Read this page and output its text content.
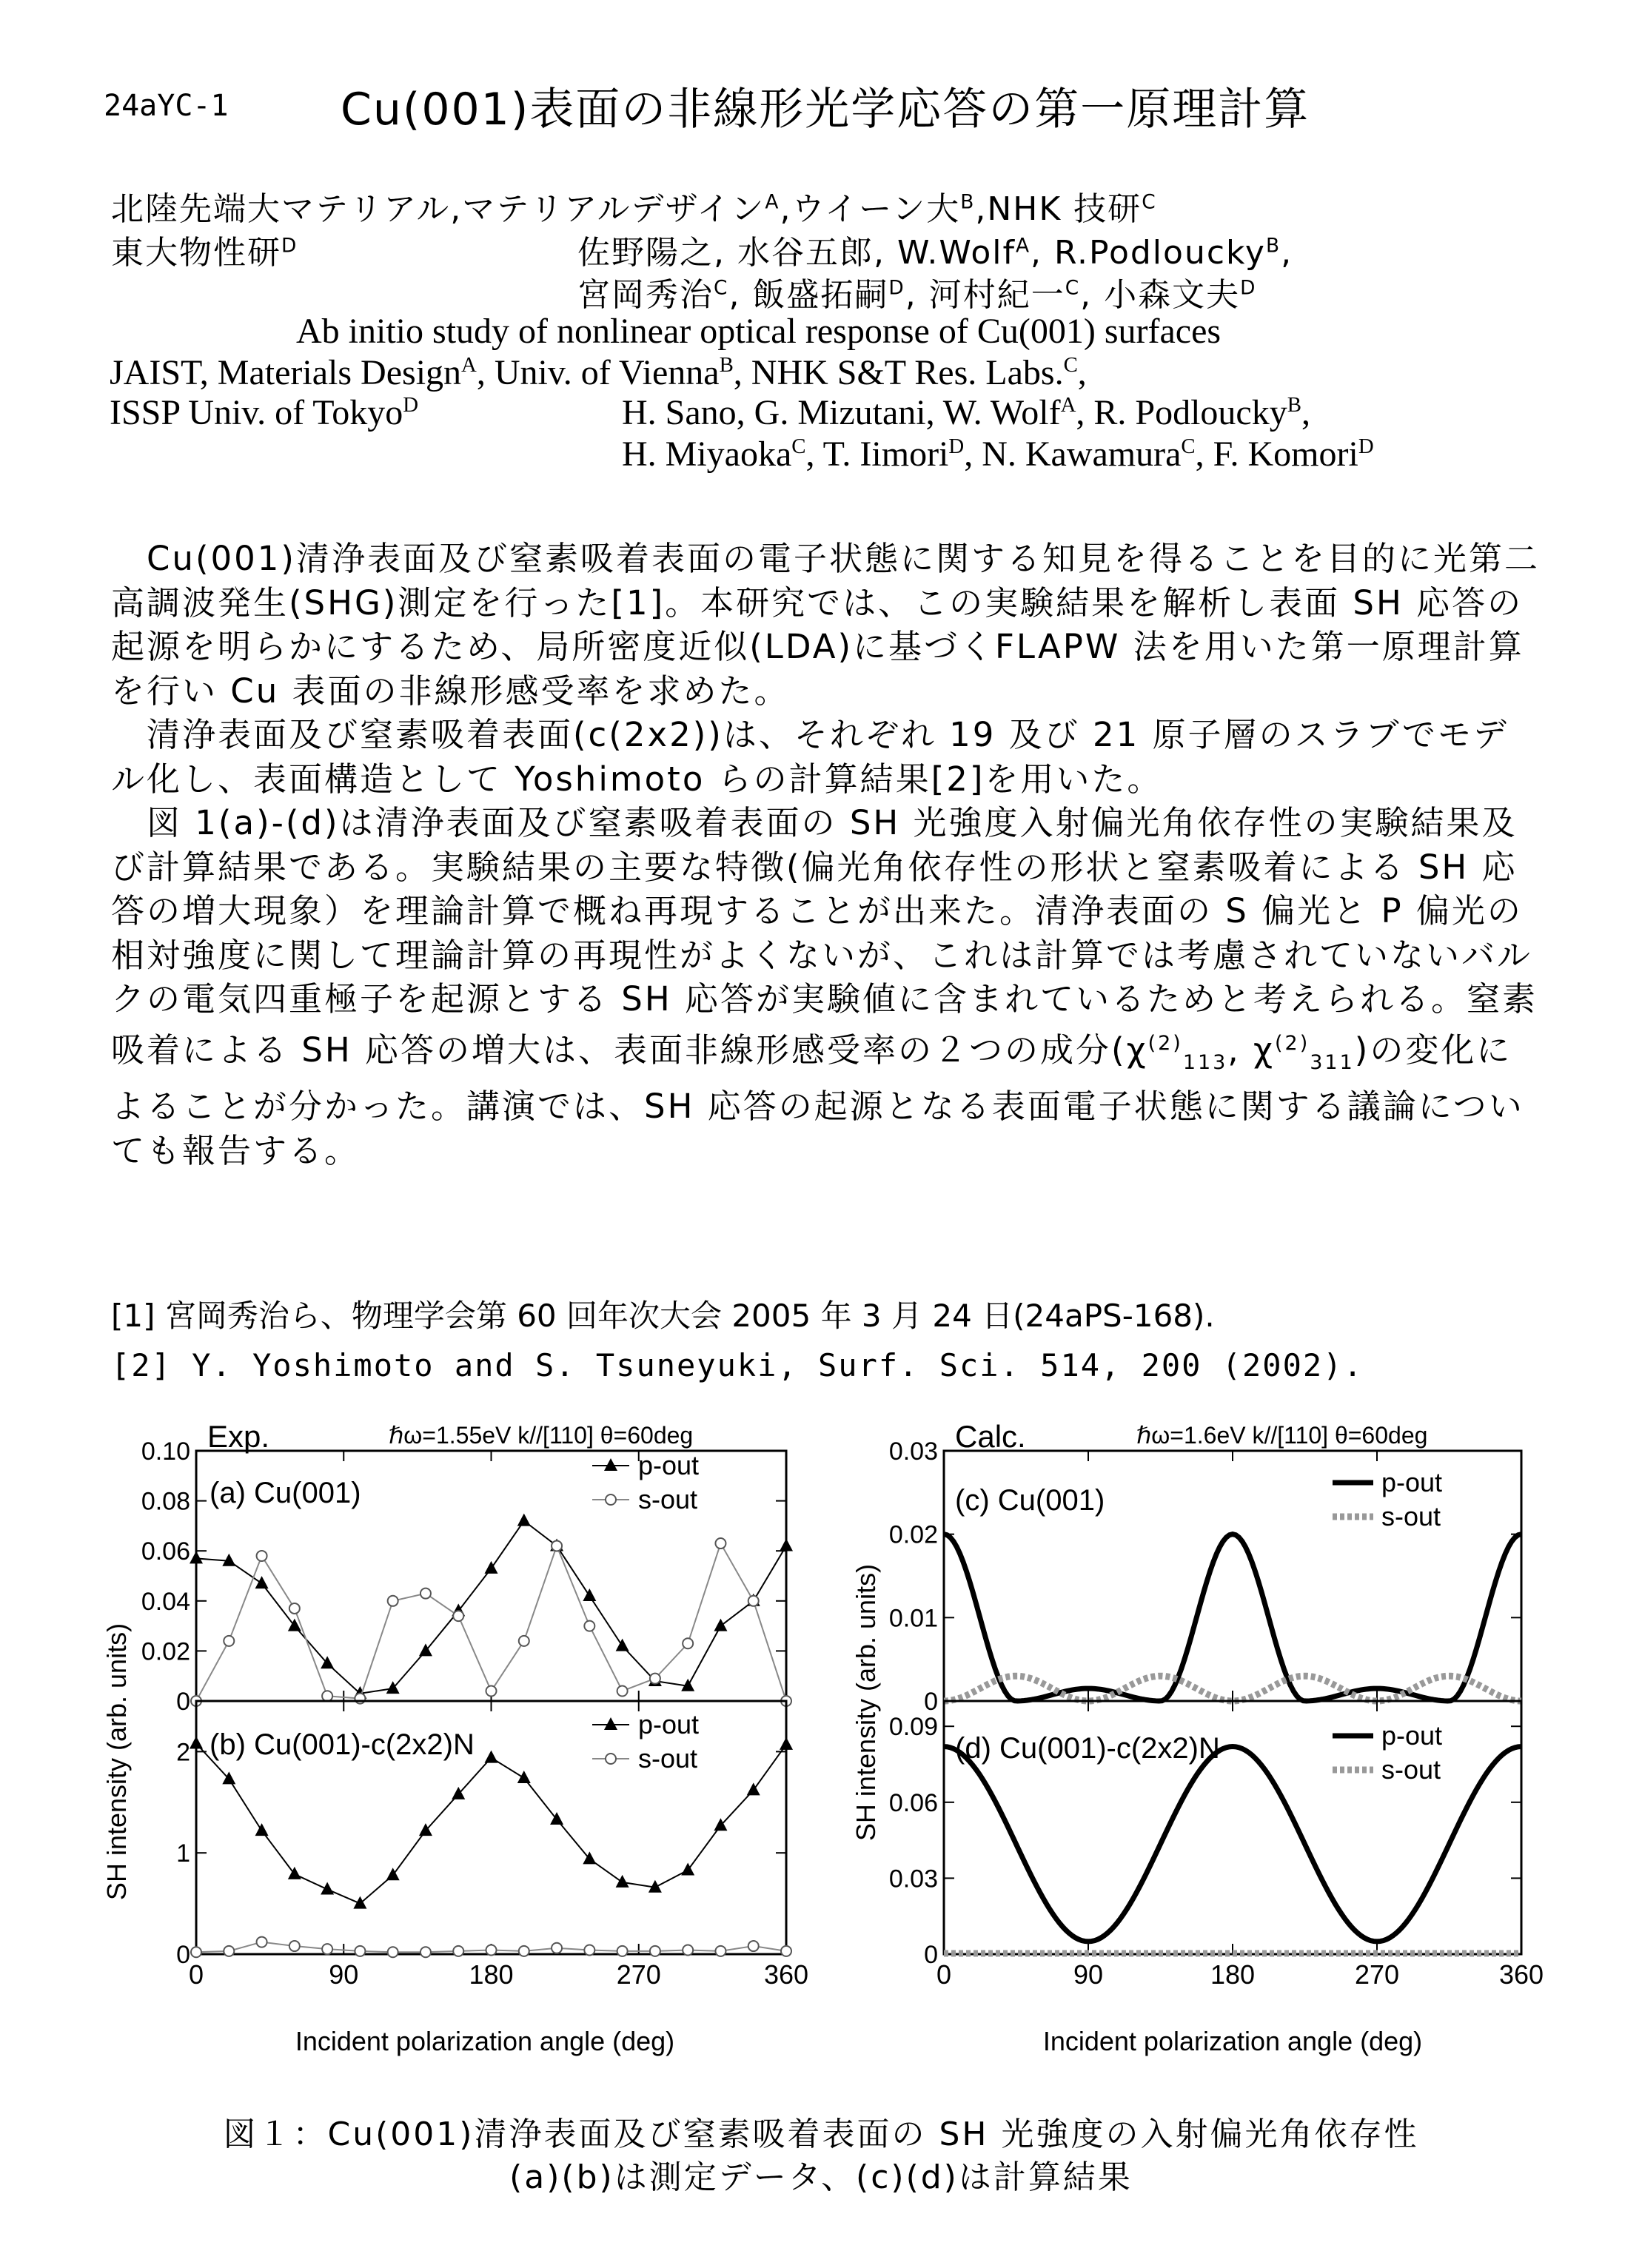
24aYC-1	Cu(001)表面の非線形光学応答の第一原理計算
北陸先端大マテリアル,マテリアルデザイン$^A$,ウイーン大$^B$,NHK 技研$^C$
東大物性研$^D$	佐野陽之, 水谷五郎, W.Wolf$^A$, R.Podloucky$^B$,
宮岡秀治$^C$, 飯盛拓嗣$^D$, 河村紀一$^C$, 小森文夫$^D$
Ab initio study of nonlinear optical response of Cu(001) surfaces
JAIST, Materials Design$^A$, Univ. of Vienna$^B$, NHK S&T Res. Labs.$^C$,
ISSP Univ. of Tokyo$^D$	H. Sano, G. Mizutani, W. Wolf$^A$, R. Podloucky$^B$,
H. Miyaoka$^C$, T. Iimori$^D$, N. Kawamura$^C$, F. Komori$^D$

　Cu(001)清浄表面及び窒素吸着表面の電子状態に関する知見を得ることを目的に光第二高調波発生(SHG)測定を行った[1]。本研究では、この実験結果を解析し表面 SH 応答の起源を明らかにするため、局所密度近似(LDA)に基づくFLAPW 法を用いた第一原理計算を行い Cu 表面の非線形感受率を求めた。

　清浄表面及び窒素吸着表面(c(2x2))は、それぞれ 19 及び 21 原子層のスラブでモデル化し、表面構造として Yoshimoto らの計算結果[2]を用いた。

　図 1(a)-(d)は清浄表面及び窒素吸着表面の SH 光強度入射偏光角依存性の実験結果及び計算結果である。実験結果の主要な特徴(偏光角依存性の形状と窒素吸着による SH 応答の増大現象）を理論計算で概ね再現することが出来た。清浄表面の S 偏光と P 偏光の相対強度に関して理論計算の再現性がよくないが、これは計算では考慮されていないバルクの電気四重極子を起源とする SH 応答が実験値に含まれているためと考えられる。窒素吸着による SH 応答の増大は、表面非線形感受率の２つの成分($\chi^{(2)}_{113}$, $\chi^{(2)}_{311}$)の変化によることが分かった。講演では、SH 応答の起源となる表面電子状態に関する議論についても報告する。

[1] 宮岡秀治ら、物理学会第 60 回年次大会 2005 年 3 月 24 日(24aPS-168).
[2] Y. Yoshimoto and S. Tsuneyuki, Surf. Sci. 514, 200 (2002).
0
0.02
0.04
0.06
0.08
0.10
(a) Cu(001)
p-out
s-out
0	90	180	270	360
0
1
2 (b) Cu(001)-c(2x2)N
p-out
s-out
0
0.01
0.02
0.03
(c) Cu(001)
p-out
s-out
0	90	180	270	360
0
0.03
0.06
0.09
(d) Cu(001)-c(2x2)N	p-out
s-out
Exp.	ℏω=1.55eV k//[110] θ=60deg
SH intensity (arb. units)
Incident polarization angle (deg)
Calc.	ℏω=1.6eV k//[110] θ=60deg
SH intensity (arb. units)
Incident polarization angle (deg)
図１：Cu(001)清浄表面及び窒素吸着表面の SH 光強度の入射偏光角依存性
(a)(b)は測定データ、(c)(d)は計算結果
